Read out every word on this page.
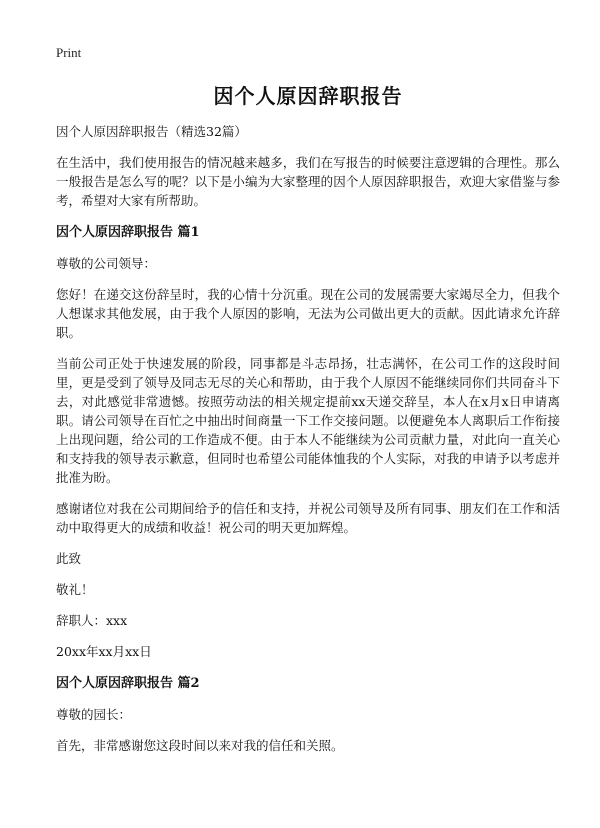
Print
因个人原因辞职报告
因个人原因辞职报告（精选32篇）

在生活中，我们使用报告的情况越来越多，我们在写报告的时候要注意逻辑的合理性。那么一般报告是怎么写的呢？以下是小编为大家整理的因个人原因辞职报告，欢迎大家借鉴与参考，希望对大家有所帮助。

因个人原因辞职报告 篇1

尊敬的公司领导：

您好！在递交这份辞呈时，我的心情十分沉重。现在公司的发展需要大家竭尽全力，但我个人想谋求其他发展，由于我个人原因的影响，无法为公司做出更大的贡献。因此请求允许辞职。

当前公司正处于快速发展的阶段，同事都是斗志昂扬，壮志满怀，在公司工作的这段时间里，更是受到了领导及同志无尽的关心和帮助，由于我个人原因不能继续同你们共同奋斗下去，对此感觉非常遗憾。按照劳动法的相关规定提前xx天递交辞呈，本人在x月x日申请离职。请公司领导在百忙之中抽出时间商量一下工作交接问题。以便避免本人离职后工作衔接上出现问题，给公司的工作造成不便。由于本人不能继续为公司贡献力量，对此向一直关心和支持我的领导表示歉意，但同时也希望公司能体恤我的个人实际，对我的申请予以考虑并批准为盼。

感谢诸位对我在公司期间给予的信任和支持，并祝公司领导及所有同事、朋友们在工作和活动中取得更大的成绩和收益！祝公司的明天更加辉煌。

此致

敬礼！

辞职人：xxx

20xx年xx月xx日

因个人原因辞职报告 篇2

尊敬的园长：

首先，非常感谢您这段时间以来对我的信任和关照。
